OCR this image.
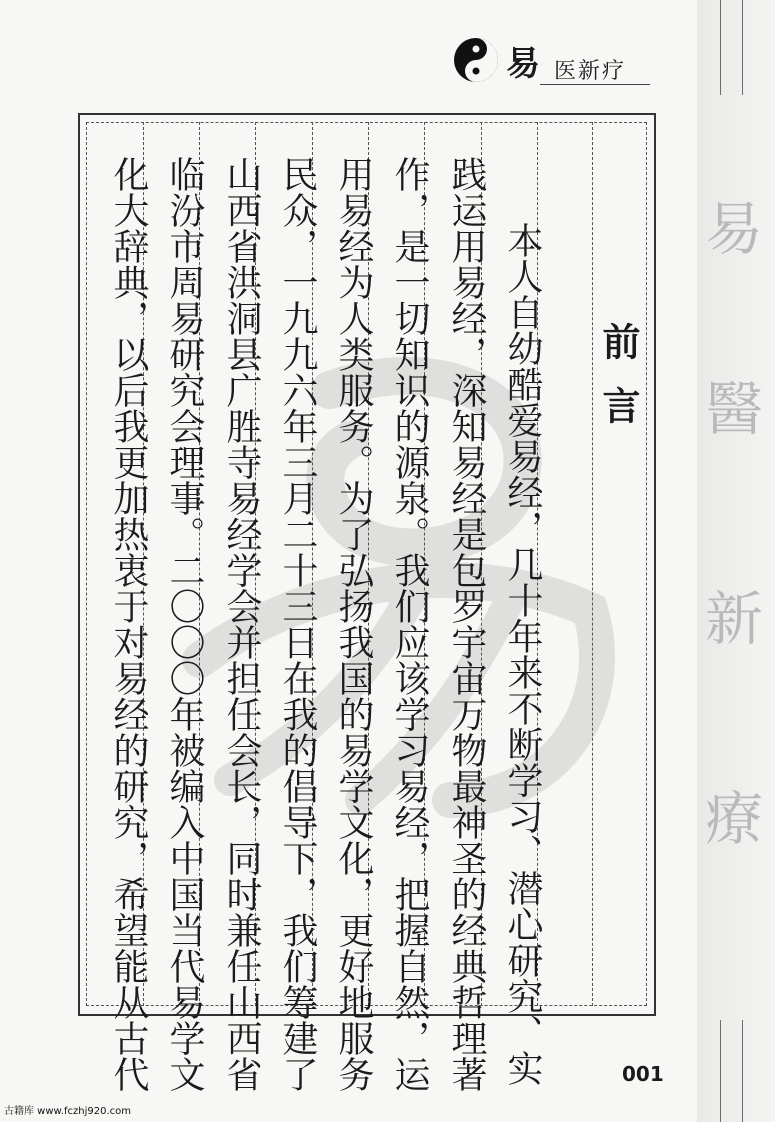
易
醫
新
療
易 医新疗
前言
本人自幼酷爱易经，几十年来不断学习、潜心研究、实
践运用易经，深知易经是包罗宇宙万物最神圣的经典哲理著
作，是一切知识的源泉。我们应该学习易经，把握自然，运
用易经为人类服务。为了弘扬我国的易学文化，更好地服务
民众，一九九六年三月二十三日在我的倡导下，我们筹建了
山西省洪洞县广胜寺易经学会并担任会长，同时兼任山西省
临汾市周易研究会理事。二〇〇〇年被编入中国当代易学文
化大辞典，以后我更加热衷于对易经的研究，希望能从古代	001
古籍库 www.fczhj920.com
